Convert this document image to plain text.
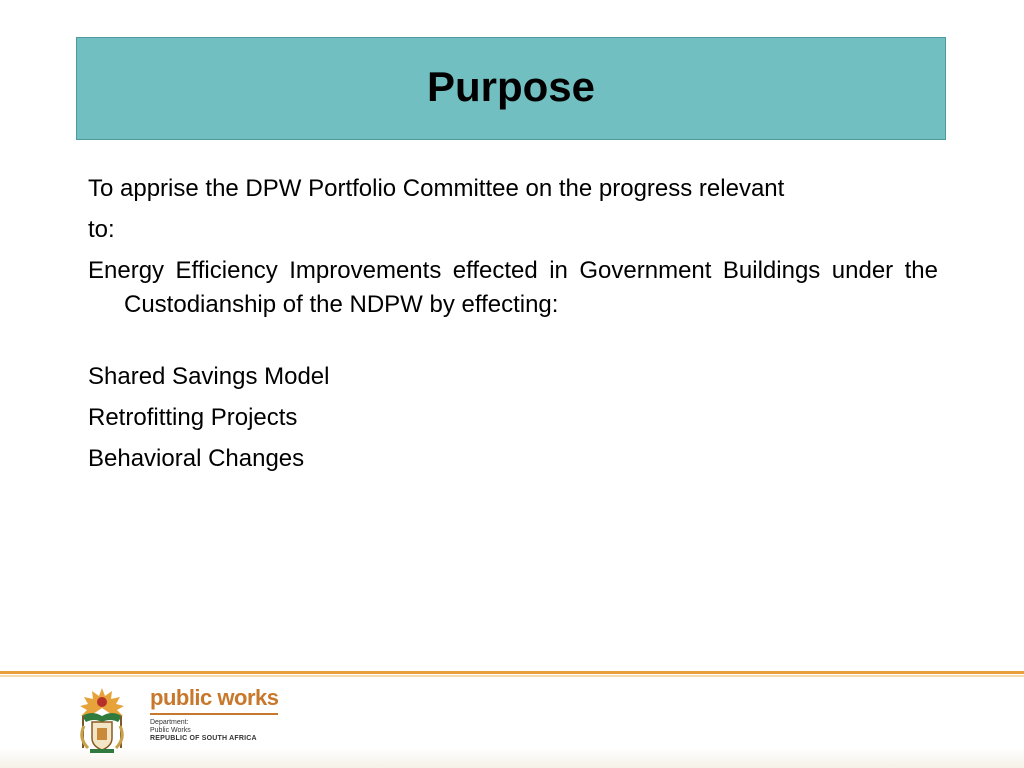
Purpose

To apprise the DPW Portfolio Committee on the progress relevant

to:

Energy Efficiency Improvements effected in Government Buildings under the Custodianship of the NDPW by effecting:

Shared Savings Model

Retrofitting Projects

Behavioral Changes

public works
Department:
Public Works
REPUBLIC OF SOUTH AFRICA
